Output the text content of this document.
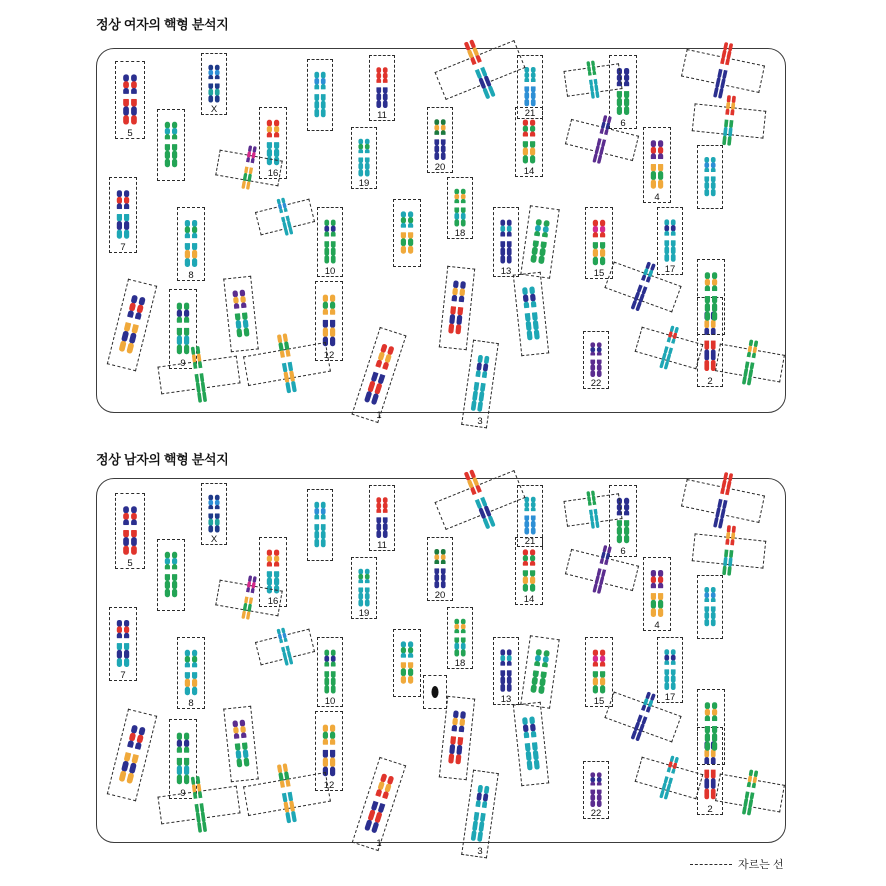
정상 여자의 핵형 분석지
5
X
16
11	21
6
20	14
19
4
18
7
8	10	13	15	17
9
12
22	2
1
3
정상 남자의 핵형 분석지
5
X
16
11	21
6
20	14
19
4
18
7
8	10	13	15	17
9
12
22	2
1
3
자르는 선
